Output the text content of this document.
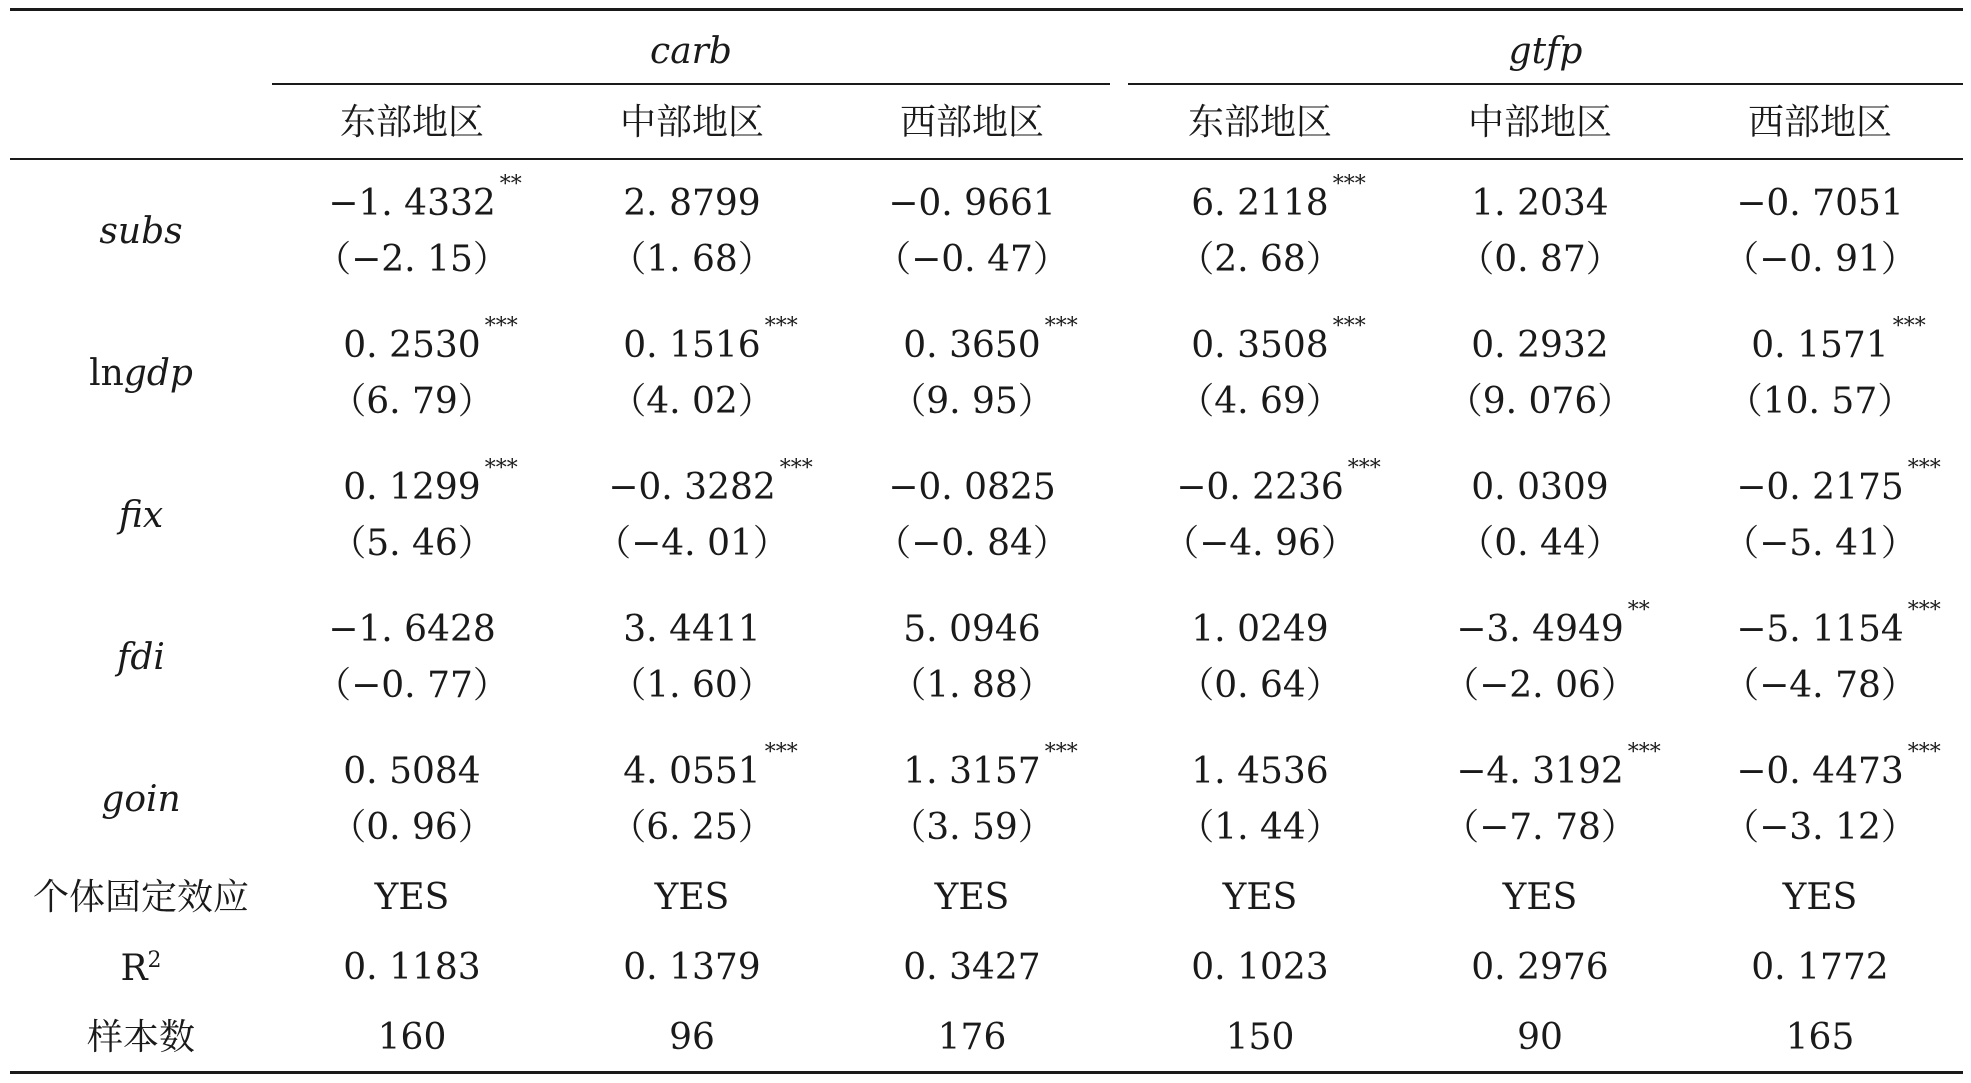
carb	gtfp
东部地区	中部地区	西部地区	东部地区	中部地区	西部地区
subs
−1. 4332 **	2. 8799	−0. 9661	6. 2118 ***	1. 2034	−0. 7051
（−2. 15）	（1. 68）	（−0. 47）	（2. 68）	（0. 87）	（−0. 91）
lngdp
0. 2530 ***	0. 1516 ***	0. 3650 ***	0. 3508 ***	0. 2932	0. 1571 ***
（6. 79）	（4. 02）	（9. 95）	（4. 69）	（9. 076）	（10. 57）
fix
0. 1299 ***	−0. 3282 ***	−0. 0825	−0. 2236 ***	0. 0309	−0. 2175 ***
（5. 46）	（−4. 01）	（−0. 84）	（−4. 96）	（0. 44）	（−5. 41）
fdi
−1. 6428	3. 4411	5. 0946	1. 0249	−3. 4949 **	−5. 1154 ***
（−0. 77）	（1. 60）	（1. 88）	（0. 64）	（−2. 06）	（−4. 78）
goin
0. 5084	4. 0551 ***	1. 3157 ***	1. 4536	−4. 3192 ***	−0. 4473 ***
（0. 96）	（6. 25）	（3. 59）	（1. 44）	（−7. 78）	（−3. 12）
个体固定效应	YES	YES	YES	YES	YES	YES
$R^2$	0. 1183	0. 1379	0. 3427	0. 1023	0. 2976	0. 1772
样本数	160	96	176	150	90	165
